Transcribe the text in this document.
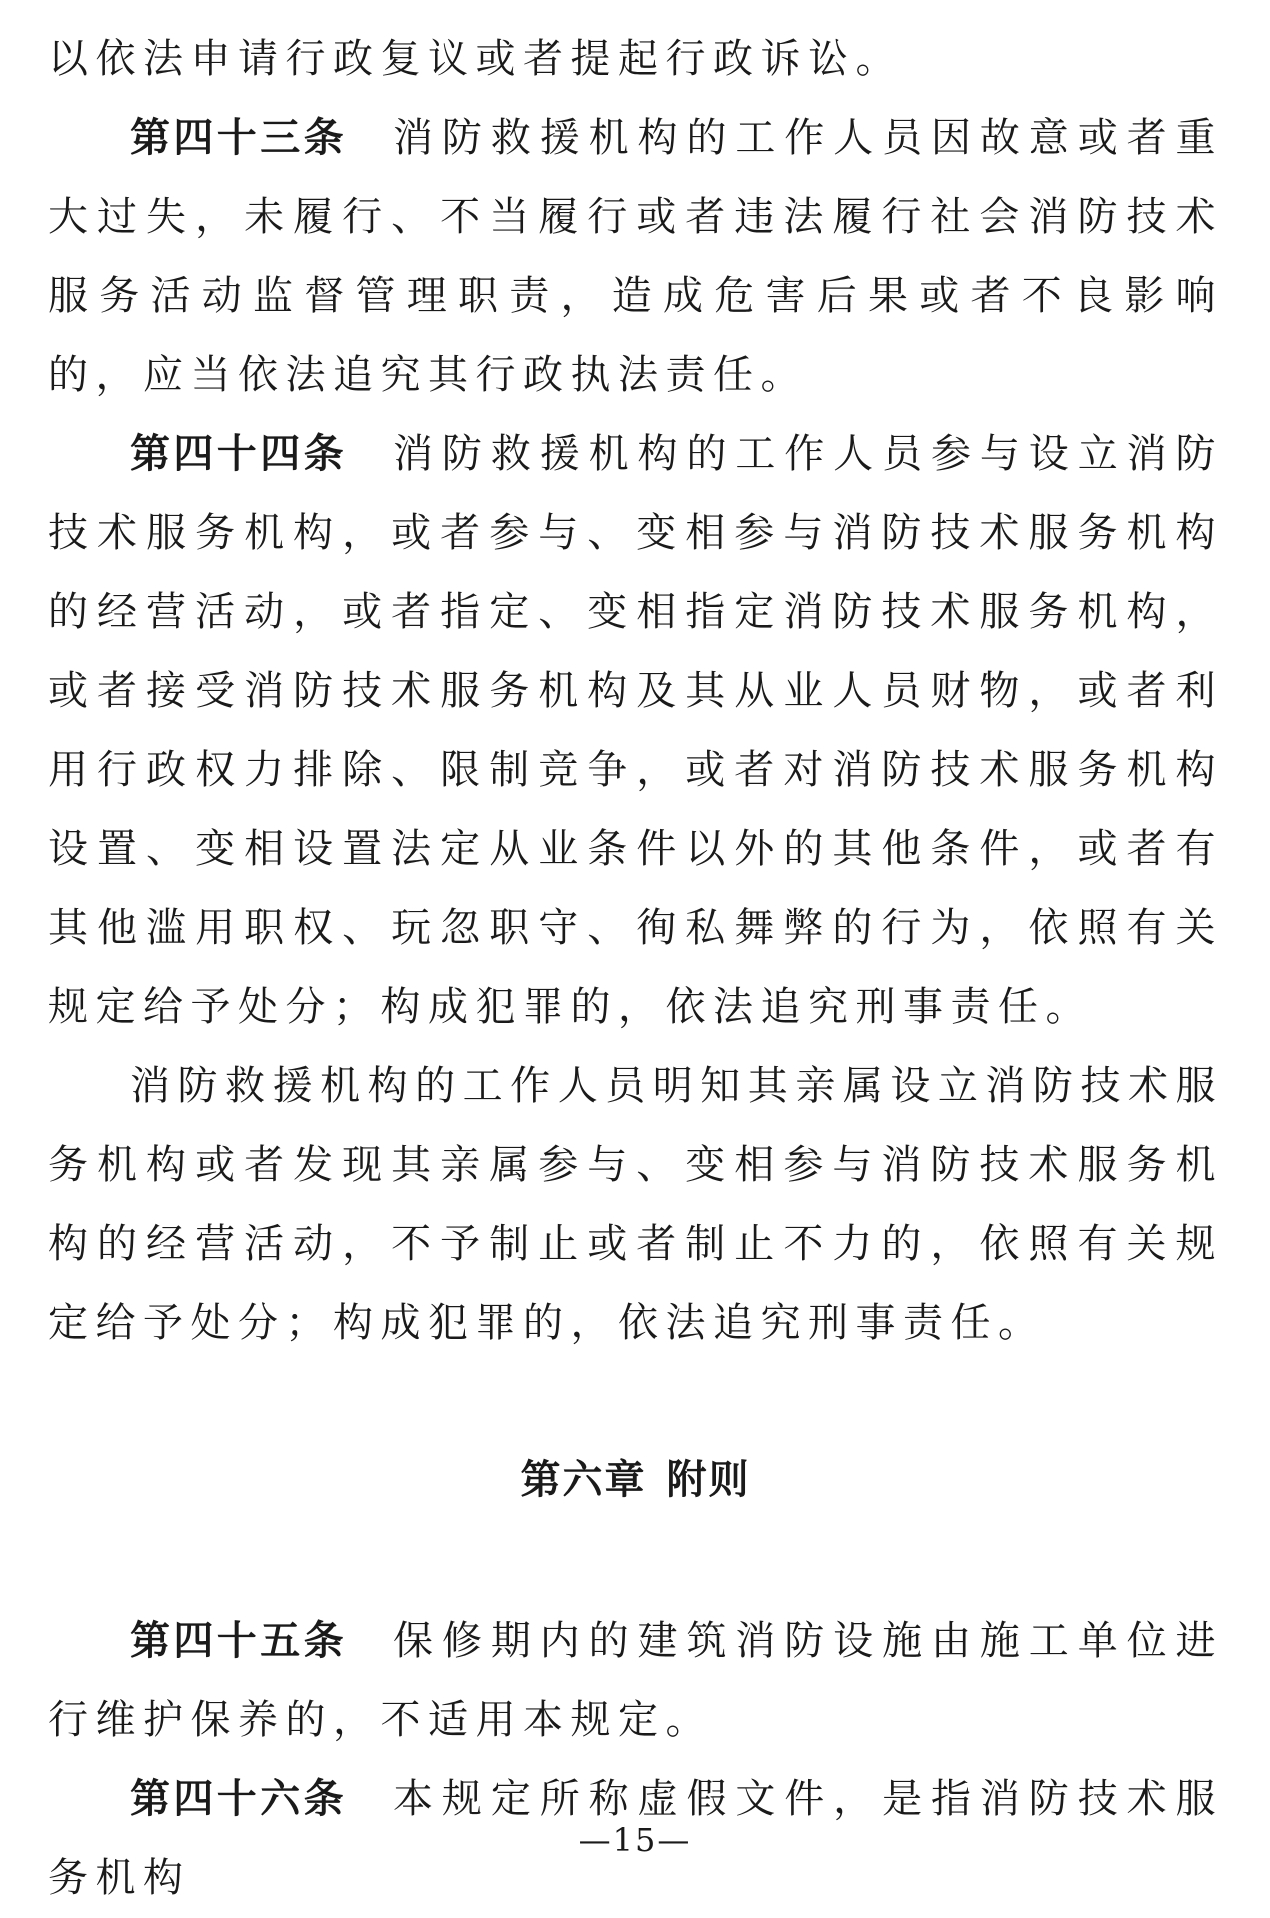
以依法申请行政复议或者提起行政诉讼。

第四十三条 消防救援机构的工作人员因故意或者重大过失，未履行、不当履行或者违法履行社会消防技术服务活动监督管理职责，造成危害后果或者不良影响的，应当依法追究其行政执法责任。

第四十四条 消防救援机构的工作人员参与设立消防技术服务机构，或者参与、变相参与消防技术服务机构的经营活动，或者指定、变相指定消防技术服务机构，或者接受消防技术服务机构及其从业人员财物，或者利用行政权力排除、限制竞争，或者对消防技术服务机构设置、变相设置法定从业条件以外的其他条件，或者有其他滥用职权、玩忽职守、徇私舞弊的行为，依照有关规定给予处分；构成犯罪的，依法追究刑事责任。

消防救援机构的工作人员明知其亲属设立消防技术服务机构或者发现其亲属参与、变相参与消防技术服务机构的经营活动，不予制止或者制止不力的，依照有关规定给予处分；构成犯罪的，依法追究刑事责任。

第六章 附则

第四十五条 保修期内的建筑消防设施由施工单位进行维护保养的，不适用本规定。

第四十六条 本规定所称虚假文件，是指消防技术服务机构

—15—
